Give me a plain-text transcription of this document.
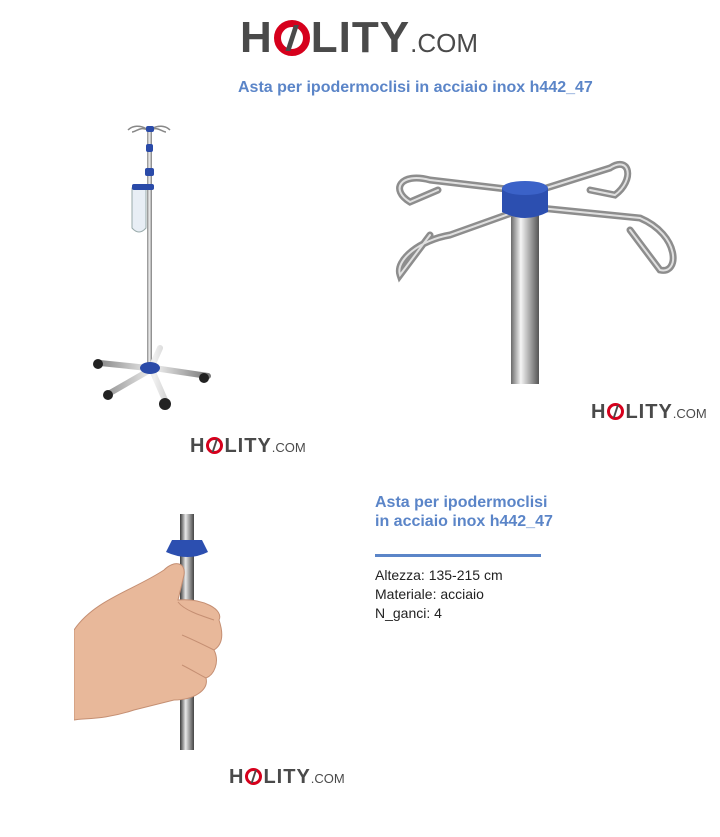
H LITY .COM
Asta per ipodermoclisi in acciaio inox h442_47
H LITY .COM
H LITY .COM
H LITY .COM
Asta per ipodermoclisi in acciaio inox h442_47
Altezza: 135-215 cm
Materiale: acciaio
N_ganci: 4
